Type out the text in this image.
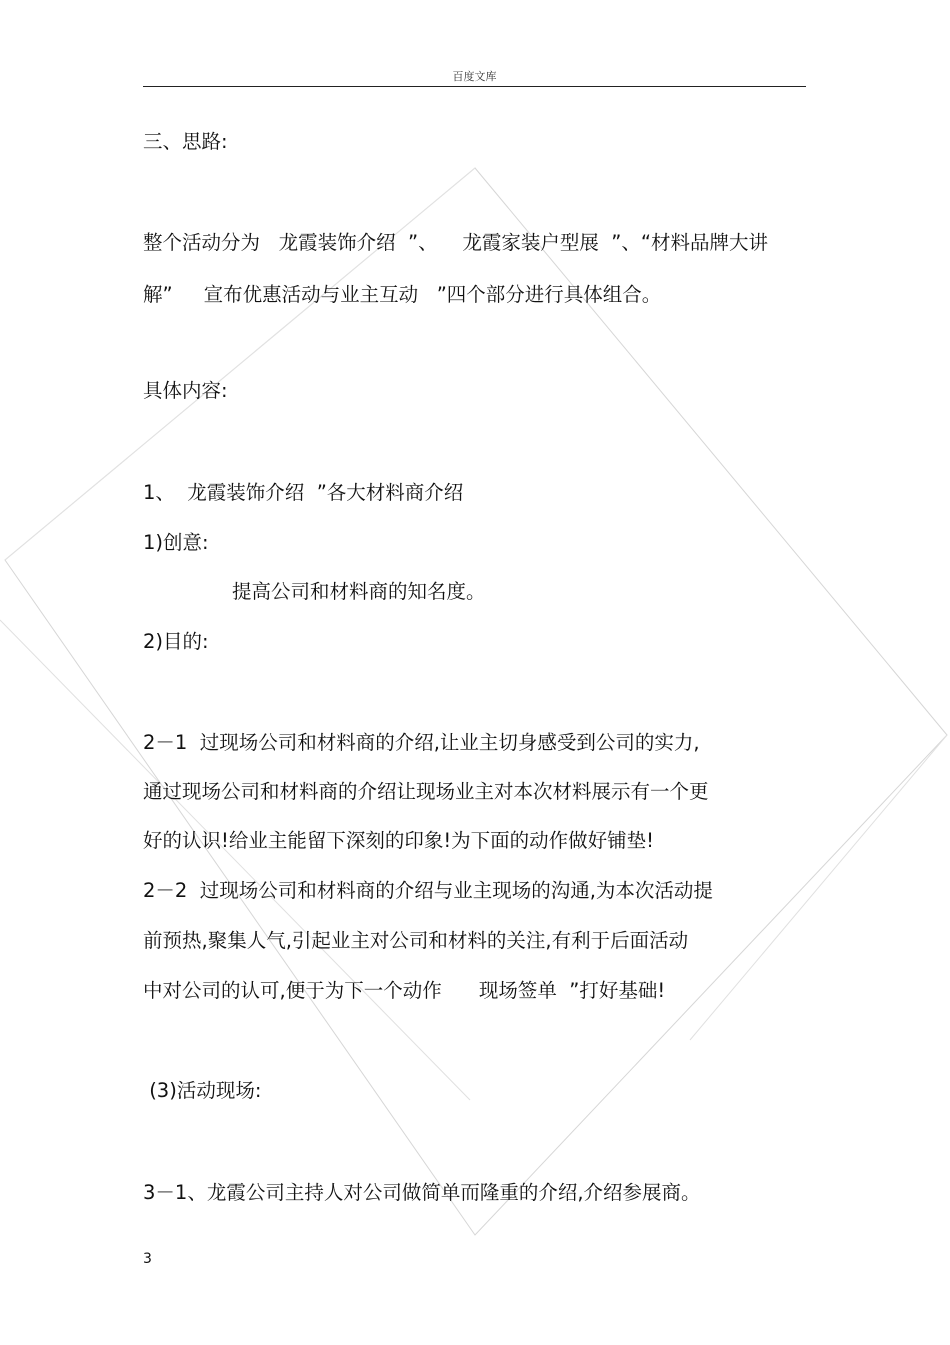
百度文库
三、思路:
整个活动分为   龙霞装饰介绍  ”、    龙霞家装户型展  ”、“材料品牌大讲
解”     宣布优惠活动与业主互动   ”四个部分进行具体组合。
具体内容:
1、  龙霞装饰介绍  ”各大材料商介绍
1)创意:
提高公司和材料商的知名度。
2)目的:
2－1  过现场公司和材料商的介绍,让业主切身感受到公司的实力,
通过现场公司和材料商的介绍让现场业主对本次材料展示有一个更
好的认识!给业主能留下深刻的印象!为下面的动作做好铺垫!
2－2  过现场公司和材料商的介绍与业主现场的沟通,为本次活动提
前预热,聚集人气,引起业主对公司和材料的关注,有利于后面活动
中对公司的认可,便于为下一个动作      现场签单  ”打好基础!
(3)活动现场:
3－1、龙霞公司主持人对公司做简单而隆重的介绍,介绍参展商。
3
